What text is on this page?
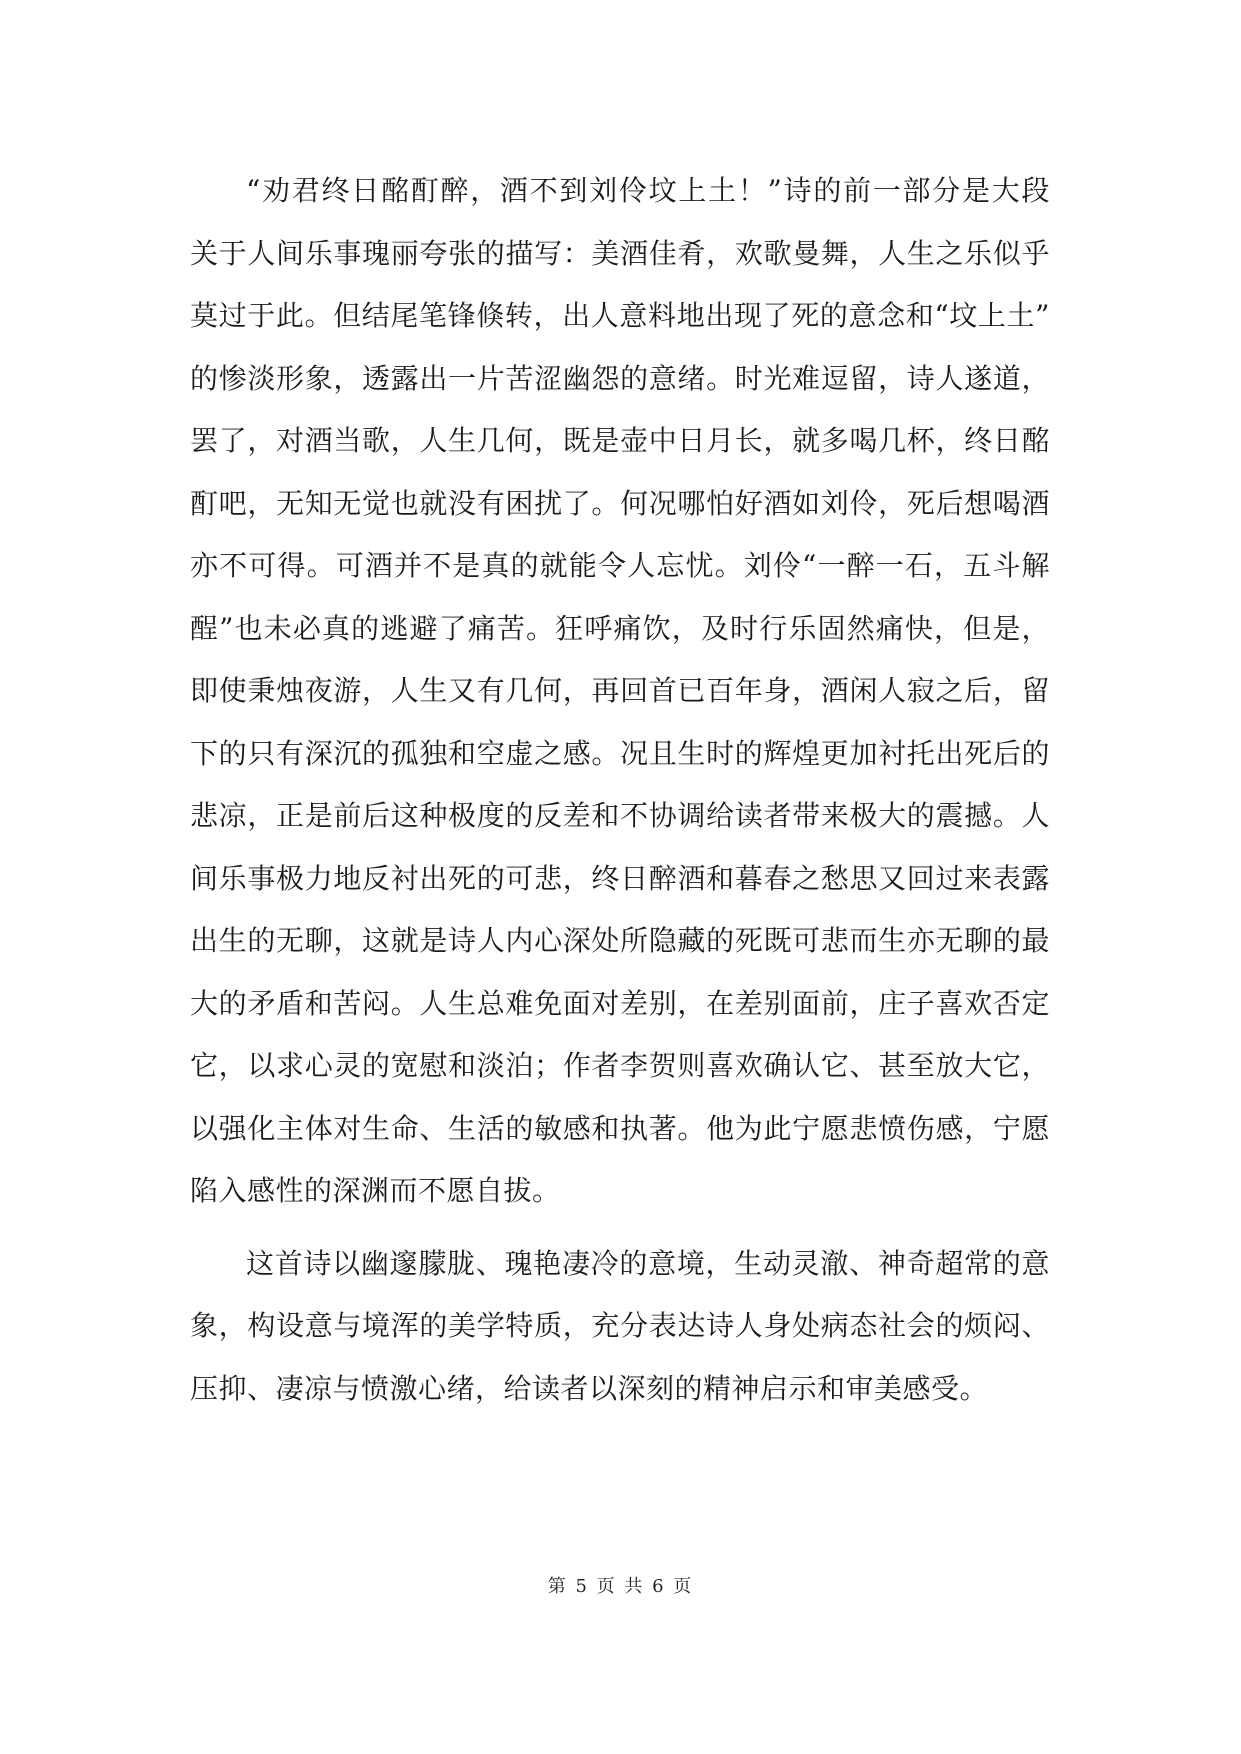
“劝君终日酩酊醉，酒不到刘伶坟上土！”诗的前一部分是大段
关于人间乐事瑰丽夸张的描写：美酒佳肴，欢歌曼舞，人生之乐似乎
莫过于此。但结尾笔锋倏转，出人意料地出现了死的意念和“坟上土”
的惨淡形象，透露出一片苦涩幽怨的意绪。时光难逗留，诗人遂道，
罢了，对酒当歌，人生几何，既是壶中日月长，就多喝几杯，终日酩
酊吧，无知无觉也就没有困扰了。何况哪怕好酒如刘伶，死后想喝酒
亦不可得。可酒并不是真的就能令人忘忧。刘伶“一醉一石，五斗解
酲”也未必真的逃避了痛苦。狂呼痛饮，及时行乐固然痛快，但是，
即使秉烛夜游，人生又有几何，再回首已百年身，酒闲人寂之后，留
下的只有深沉的孤独和空虚之感。况且生时的辉煌更加衬托出死后的
悲凉，正是前后这种极度的反差和不协调给读者带来极大的震撼。人
间乐事极力地反衬出死的可悲，终日醉酒和暮春之愁思又回过来表露
出生的无聊，这就是诗人内心深处所隐藏的死既可悲而生亦无聊的最
大的矛盾和苦闷。人生总难免面对差别，在差别面前，庄子喜欢否定
它，以求心灵的宽慰和淡泊；作者李贺则喜欢确认它、甚至放大它，
以强化主体对生命、生活的敏感和执著。他为此宁愿悲愤伤感，宁愿
陷入感性的深渊而不愿自拔。
这首诗以幽邃朦胧、瑰艳凄冷的意境，生动灵澈、神奇超常的意
象，构设意与境浑的美学特质，充分表达诗人身处病态社会的烦闷、
压抑、凄凉与愤激心绪，给读者以深刻的精神启示和审美感受。
第 5 页 共 6 页
